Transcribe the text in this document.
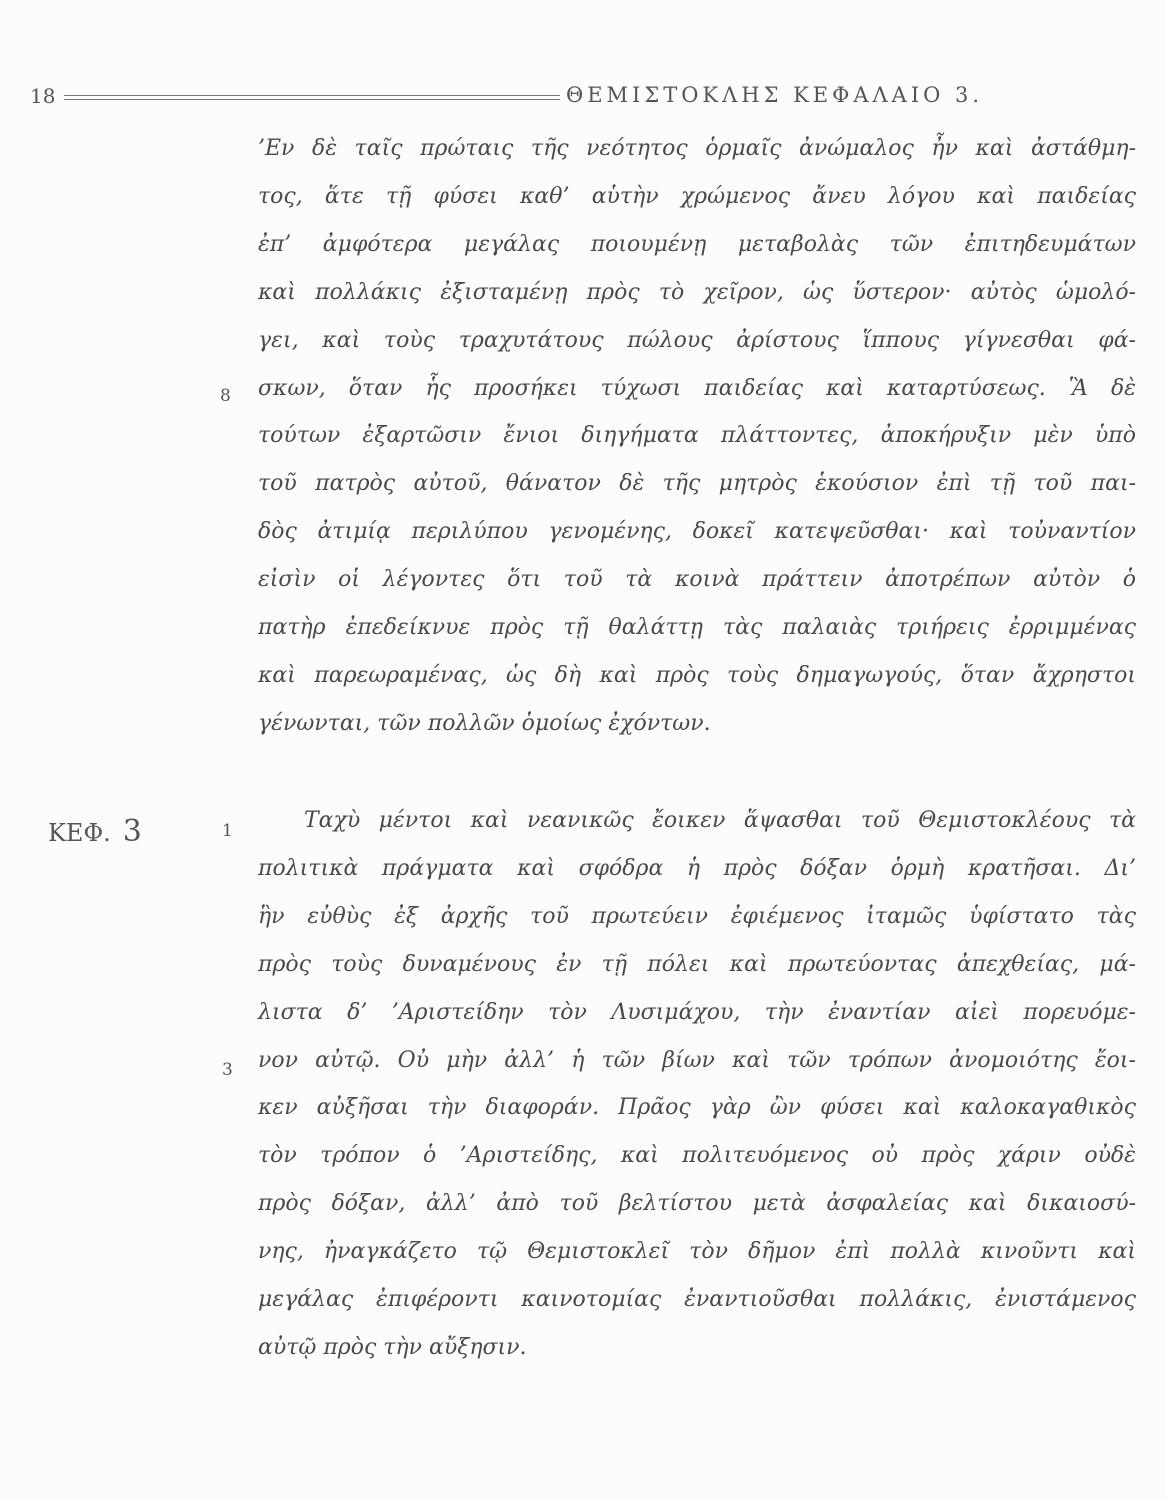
18	ΘΕΜΙΣΤΟΚΛΗΣ ΚΕΦΑΛΑΙΟ 3.
’Εν δὲ ταῖς πρώταις τῆς νεότητος ὁρμαῖς ἀνώμαλος ἦν καὶ ἀστάθμη-
τος, ἅτε τῇ φύσει καθ’ αὑτὴν χρώμενος ἄνευ λόγου καὶ παιδείας
ἐπ’ ἀμφότερα μεγάλας ποιουμένῃ μεταβολὰς τῶν ἐπιτηδευμάτων
καὶ πολλάκις ἐξισταμένῃ πρὸς τὸ χεῖρον, ὡς ὕστερον· αὐτὸς ὡμολό-
γει, καὶ τοὺς τραχυτάτους πώλους ἀρίστους ἵππους γίγνεσθαι φά-
σκων, ὅταν ἧς προσήκει τύχωσι παιδείας καὶ καταρτύσεως. Ἃ δὲ
τούτων ἐξαρτῶσιν ἔνιοι διηγήματα πλάττοντες, ἀποκήρυξιν μὲν ὑπὸ
τοῦ πατρὸς αὐτοῦ, θάνατον δὲ τῆς μητρὸς ἑκούσιον ἐπὶ τῇ τοῦ παι-
δὸς ἀτιμίᾳ περιλύπου γενομένης, δοκεῖ κατεψεῦσθαι· καὶ τοὐναντίον
εἰσὶν οἱ λέγοντες ὅτι τοῦ τὰ κοινὰ πράττειν ἀποτρέπων αὐτὸν ὁ
πατὴρ ἐπεδείκνυε πρὸς τῇ θαλάττῃ τὰς παλαιὰς τριήρεις ἐρριμμένας
καὶ παρεωραμένας, ὡς δὴ καὶ πρὸς τοὺς δημαγωγούς, ὅταν ἄχρηστοι
γένωνται, τῶν πολλῶν ὁμοίως ἐχόντων.
8
ΚΕΦ. 3	1
3
Ταχὺ μέντοι καὶ νεανικῶς ἔοικεν ἅψασθαι τοῦ Θεμιστοκλέους τὰ
πολιτικὰ πράγματα καὶ σφόδρα ἡ πρὸς δόξαν ὁρμὴ κρατῆσαι. Δι’
ἣν εὐθὺς ἐξ ἀρχῆς τοῦ πρωτεύειν ἐφιέμενος ἰταμῶς ὑφίστατο τὰς
πρὸς τοὺς δυναμένους ἐν τῇ πόλει καὶ πρωτεύοντας ἀπεχθείας, μά-
λιστα δ’ ’Αριστείδην τὸν Λυσιμάχου, τὴν ἐναντίαν αἰεὶ πορευόμε-
νον αὐτῷ. Οὐ μὴν ἀλλ’ ἡ τῶν βίων καὶ τῶν τρόπων ἀνομοιότης ἔοι-
κεν αὐξῆσαι τὴν διαφοράν. Πρᾶος γὰρ ὢν φύσει καὶ καλοκαγαθικὸς
τὸν τρόπον ὁ ’Αριστείδης, καὶ πολιτευόμενος οὐ πρὸς χάριν οὐδὲ
πρὸς δόξαν, ἀλλ’ ἀπὸ τοῦ βελτίστου μετὰ ἀσφαλείας καὶ δικαιοσύ-
νης, ἠναγκάζετο τῷ Θεμιστοκλεῖ τὸν δῆμον ἐπὶ πολλὰ κινοῦντι καὶ
μεγάλας ἐπιφέροντι καινοτομίας ἐναντιοῦσθαι πολλάκις, ἐνιστάμενος
αὐτῷ πρὸς τὴν αὔξησιν.
